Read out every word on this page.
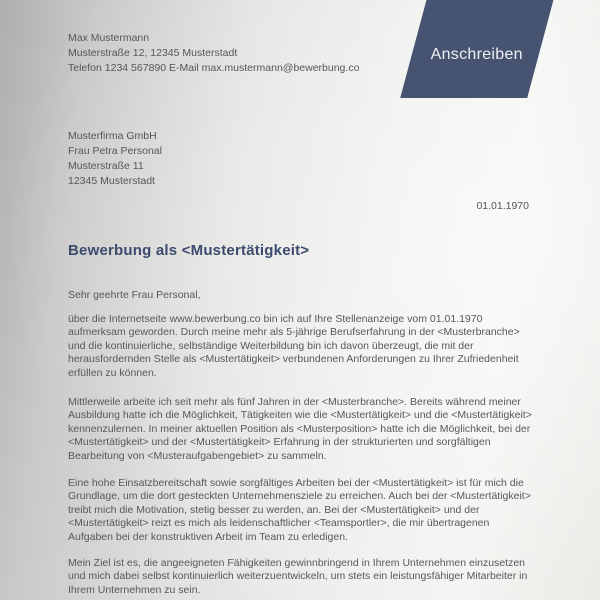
Max Mustermann
Musterstraße 12, 12345 Musterstadt
Telefon 1234 567890 E-Mail max.mustermann@bewerbung.co
Anschreiben
Musterfirma GmbH
Frau Petra Personal
Musterstraße 11
12345 Musterstadt
01.01.1970
Bewerbung als <Mustertätigkeit>
Sehr geehrte Frau Personal,
über die Internetseite www.bewerbung.co bin ich auf Ihre Stellenanzeige vom 01.01.1970 aufmerksam geworden. Durch meine mehr als 5-jährige Berufserfahrung in der <Musterbranche> und die kontinuierliche, selbständige Weiterbildung bin ich davon überzeugt, die mit der herausfordernden Stelle als <Mustertätigkeit> verbundenen Anforderungen zu Ihrer Zufriedenheit erfüllen zu können.
Mittlerweile arbeite ich seit mehr als fünf Jahren in der <Musterbranche>. Bereits während meiner Ausbildung hatte ich die Möglichkeit, Tätigkeiten wie die <Mustertätigkeit> und die <Mustertätigkeit> kennenzulernen. In meiner aktuellen Position als <Musterposition> hatte ich die Möglichkeit, bei der <Mustertätigkeit> und der <Mustertätigkeit> Erfahrung in der strukturierten und sorgfältigen Bearbeitung von <Musteraufgabengebiet> zu sammeln.
Eine hohe Einsatzbereitschaft sowie sorgfältiges Arbeiten bei der <Mustertätigkeit> ist für mich die Grundlage, um die dort gesteckten Unternehmensziele zu erreichen. Auch bei der <Mustertätigkeit> treibt mich die Motivation, stetig besser zu werden, an. Bei der <Mustertätigkeit> und der <Mustertätigkeit> reizt es mich als leidenschaftlicher <Teamsportler>, die mir übertragenen Aufgaben bei der konstruktiven Arbeit im Team zu erledigen.
Mein Ziel ist es, die angeeigneten Fähigkeiten gewinnbringend in Ihrem Unternehmen einzusetzen und mich dabei selbst kontinuierlich weiterzuentwickeln, um stets ein leistungsfähiger Mitarbeiter in Ihrem Unternehmen zu sein.
